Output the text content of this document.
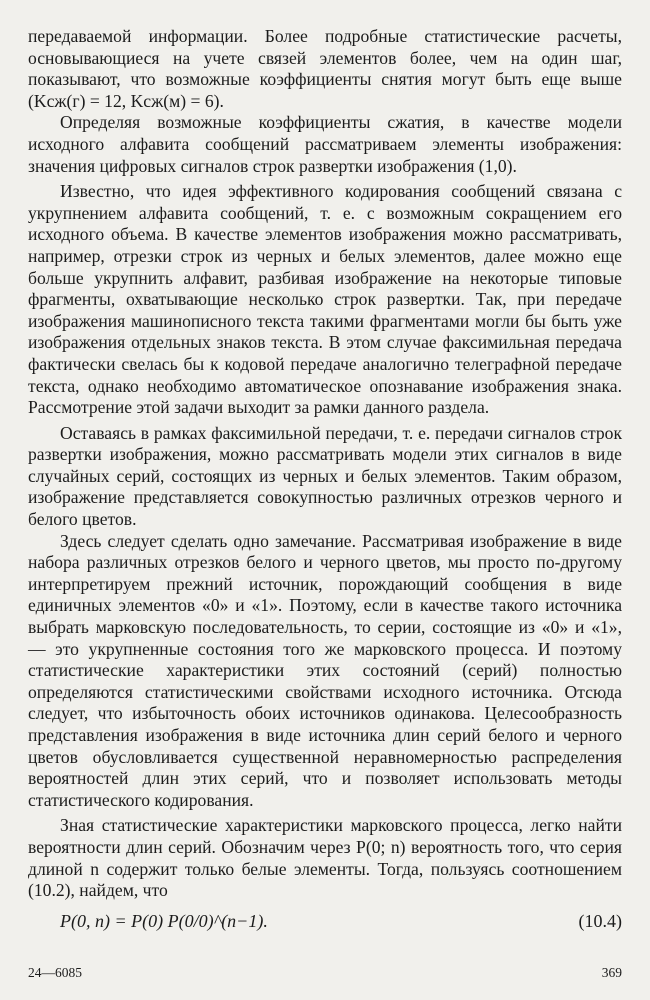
передаваемой информации. Более подробные статистические расчеты, основывающиеся на учете связей элементов более, чем на один шаг, показывают, что возможные коэффициенты снятия могут быть еще выше (Kсж(г) = 12, Kсж(м) = 6).

Определяя возможные коэффициенты сжатия, в качестве модели исходного алфавита сообщений рассматриваем элементы изображения: значения цифровых сигналов строк развертки изображения (1,0).

Известно, что идея эффективного кодирования сообщений связана с укрупнением алфавита сообщений, т. е. с возможным сокращением его исходного объема. В качестве элементов изображения можно рассматривать, например, отрезки строк из черных и белых элементов, далее можно еще больше укрупнить алфавит, разбивая изображение на некоторые типовые фрагменты, охватывающие несколько строк развертки. Так, при передаче изображения машинописного текста такими фрагментами могли бы быть уже изображения отдельных знаков текста. В этом случае факсимильная передача фактически свелась бы к кодовой передаче аналогично телеграфной передаче текста, однако необходимо автоматическое опознавание изображения знака. Рассмотрение этой задачи выходит за рамки данного раздела.

Оставаясь в рамках факсимильной передачи, т. е. передачи сигналов строк развертки изображения, можно рассматривать модели этих сигналов в виде случайных серий, состоящих из черных и белых элементов. Таким образом, изображение представляется совокупностью различных отрезков черного и белого цветов.

Здесь следует сделать одно замечание. Рассматривая изображение в виде набора различных отрезков белого и черного цветов, мы просто по-другому интерпретируем прежний источник, порождающий сообщения в виде единичных элементов «0» и «1». Поэтому, если в качестве такого источника выбрать марковскую последовательность, то серии, состоящие из «0» и «1», — это укрупненные состояния того же марковского процесса. И поэтому статистические характеристики этих состояний (серий) полностью определяются статистическими свойствами исходного источника. Отсюда следует, что избыточность обоих источников одинакова. Целесообразность представления изображения в виде источника длин серий белого и черного цветов обусловливается существенной неравномерностью распределения вероятностей длин этих серий, что и позволяет использовать методы статистического кодирования.

Зная статистические характеристики марковского процесса, легко найти вероятности длин серий. Обозначим через P(0; n) вероятность того, что серия длиной n содержит только белые элементы. Тогда, пользуясь соотношением (10.2), найдем, что

P(0, n) = P(0) P(0/0)^(n−1).	(10.4)
24—6085	369
